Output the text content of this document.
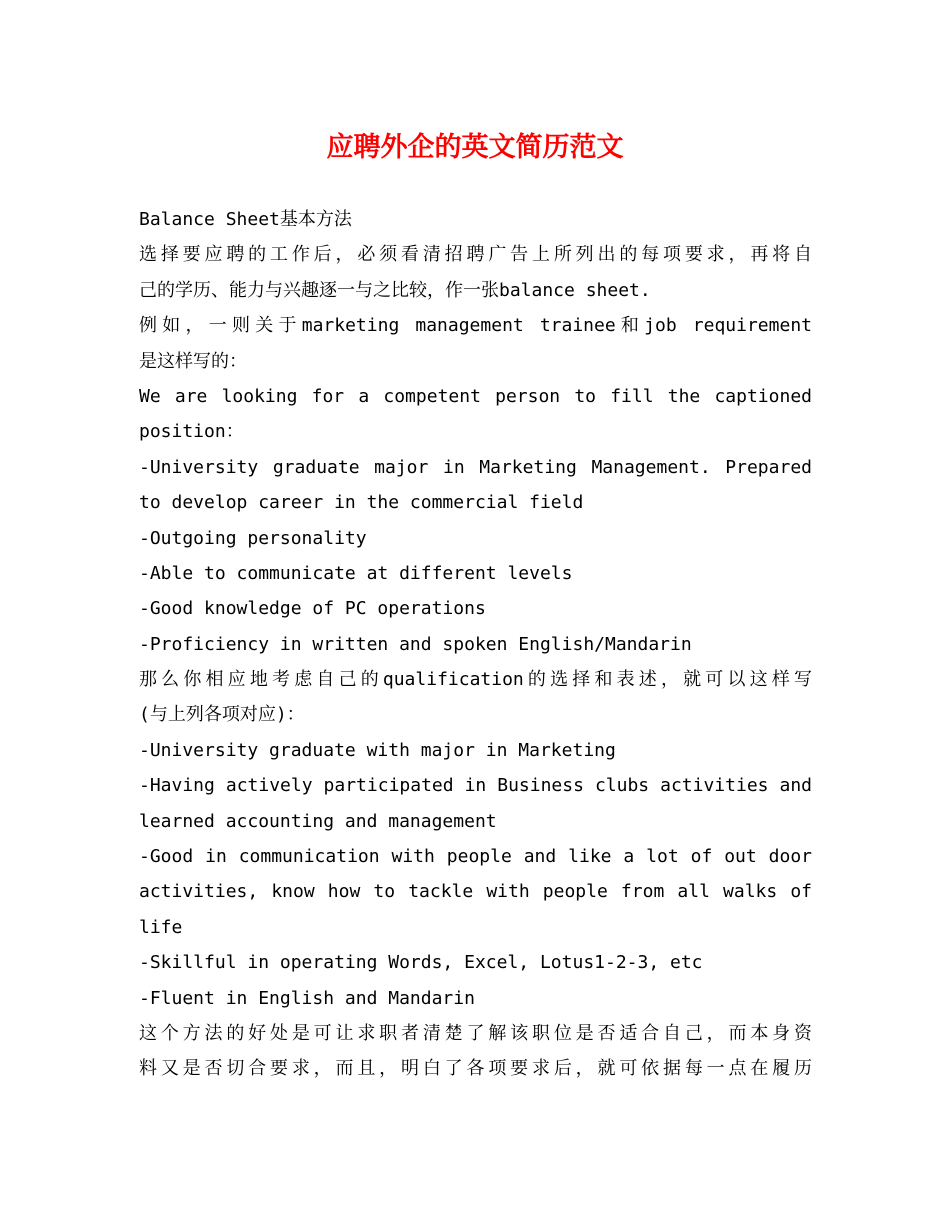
应聘外企的英文简历范文
Balance Sheet基本方法
选择要应聘的工作后，必须看清招聘广告上所列出的每项要求，再将自
己的学历、能力与兴趣逐一与之比较，作一张balance sheet.
例如，一则关于marketing management trainee和job requirement
是这样写的：
We are looking for a competent person to fill the captioned
position：
-University graduate major in Marketing Management. Prepared
to develop career in the commercial field
-Outgoing personality
-Able to communicate at different levels
-Good knowledge of PC operations
-Proficiency in written and spoken English/Mandarin
那么你相应地考虑自己的qualification的选择和表述，就可以这样写
(与上列各项对应)：
-University graduate with major in Marketing
-Having actively participated in Business clubs activities and
learned accounting and management
-Good in communication with people and like a lot of out door
activities, know how to tackle with people from all walks of
life
-Skillful in operating Words, Excel, Lotus1-2-3, etc
-Fluent in English and Mandarin
这个方法的好处是可让求职者清楚了解该职位是否适合自己，而本身资
料又是否切合要求，而且，明白了各项要求后，就可依据每一点在履历
